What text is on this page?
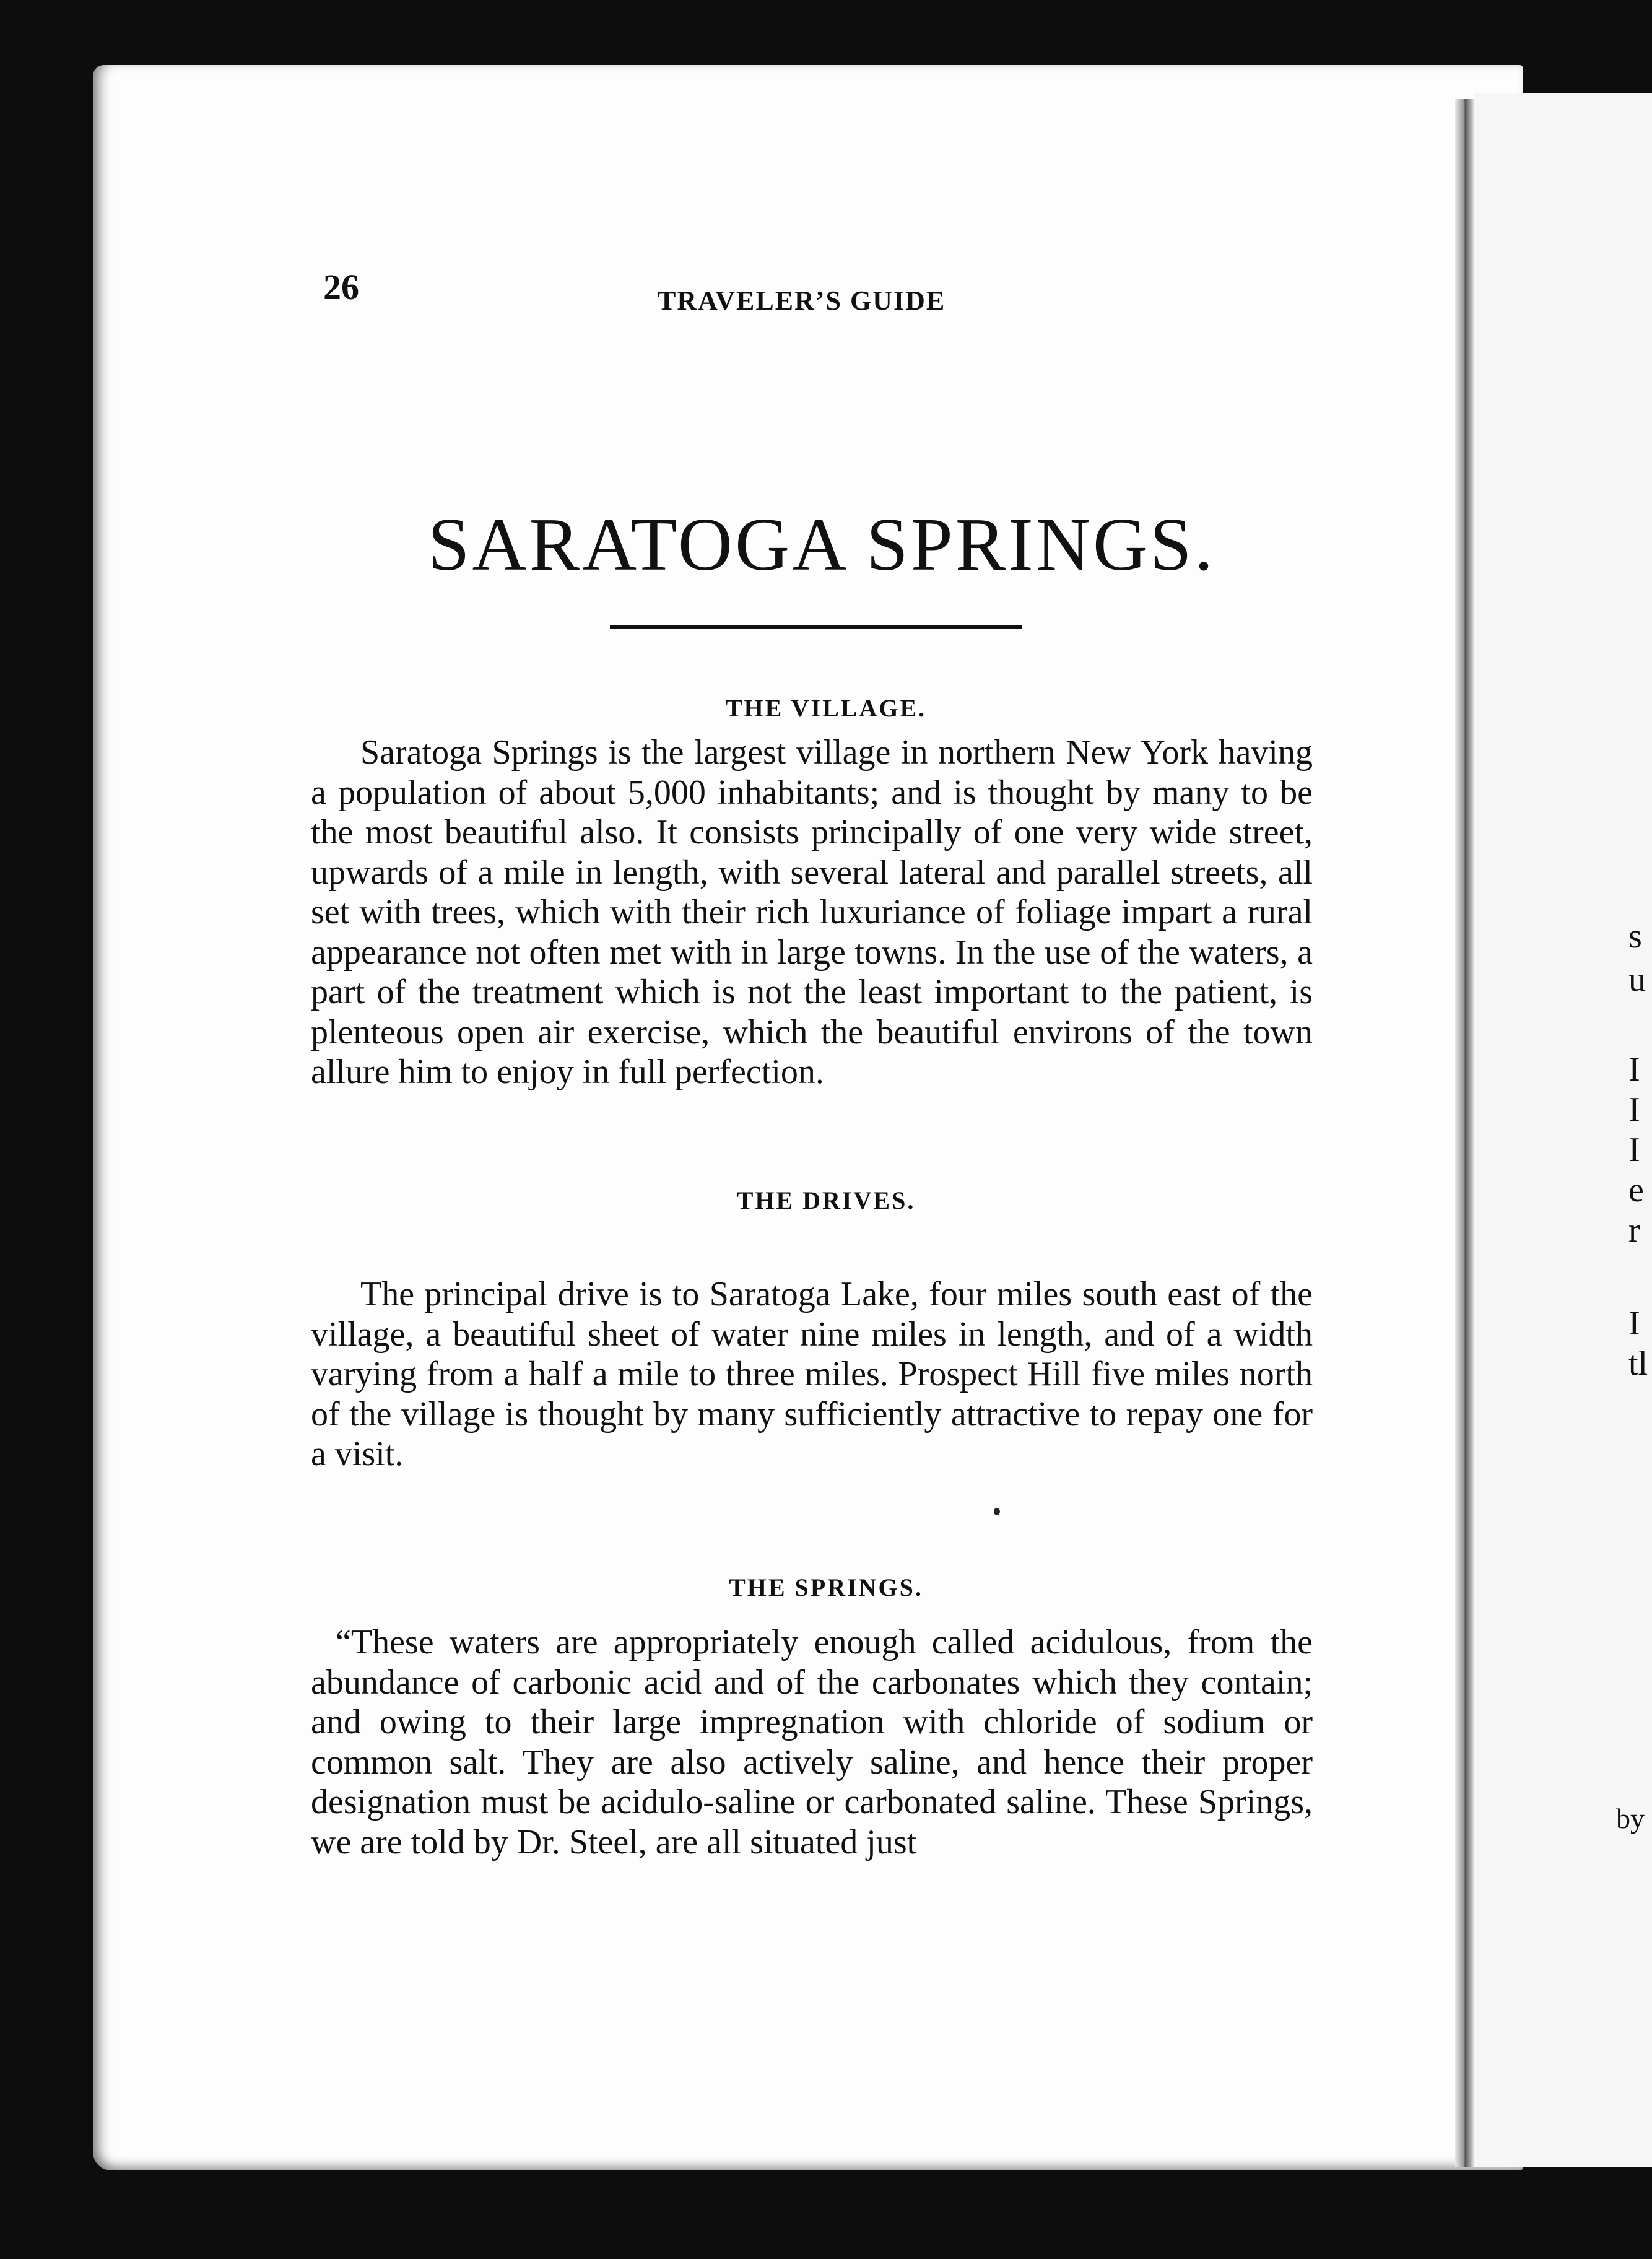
s
u
I
I
I
e
r
I
tl
by
26	TRAVELER’S GUIDE
SARATOGA SPRINGS.
THE VILLAGE.

Saratoga Springs is the largest village in northern New York having a population of about 5,000 inhabitants; and is thought by many to be the most beautiful also. It consists principally of one very wide street, upwards of a mile in length, with several lateral and parallel streets, all set with trees, which with their rich luxuriance of foliage impart a rural appearance not often met with in large towns. In the use of the waters, a part of the treatment which is not the least important to the patient, is plenteous open air exercise, which the beautiful environs of the town allure him to enjoy in full perfection.

THE DRIVES.

The principal drive is to Saratoga Lake, four miles south east of the village, a beautiful sheet of water nine miles in length, and of a width varying from a half a mile to three miles. Prospect Hill five miles north of the village is thought by many sufficiently attractive to repay one for a visit.

THE SPRINGS.

“These waters are appropriately enough called acidulous, from the abundance of carbonic acid and of the carbonates which they contain; and owing to their large impregnation with chloride of sodium or common salt. They are also actively saline, and hence their proper designation must be acidulo-saline or carbonated saline. These Springs, we are told by Dr. Steel, are all situated just
